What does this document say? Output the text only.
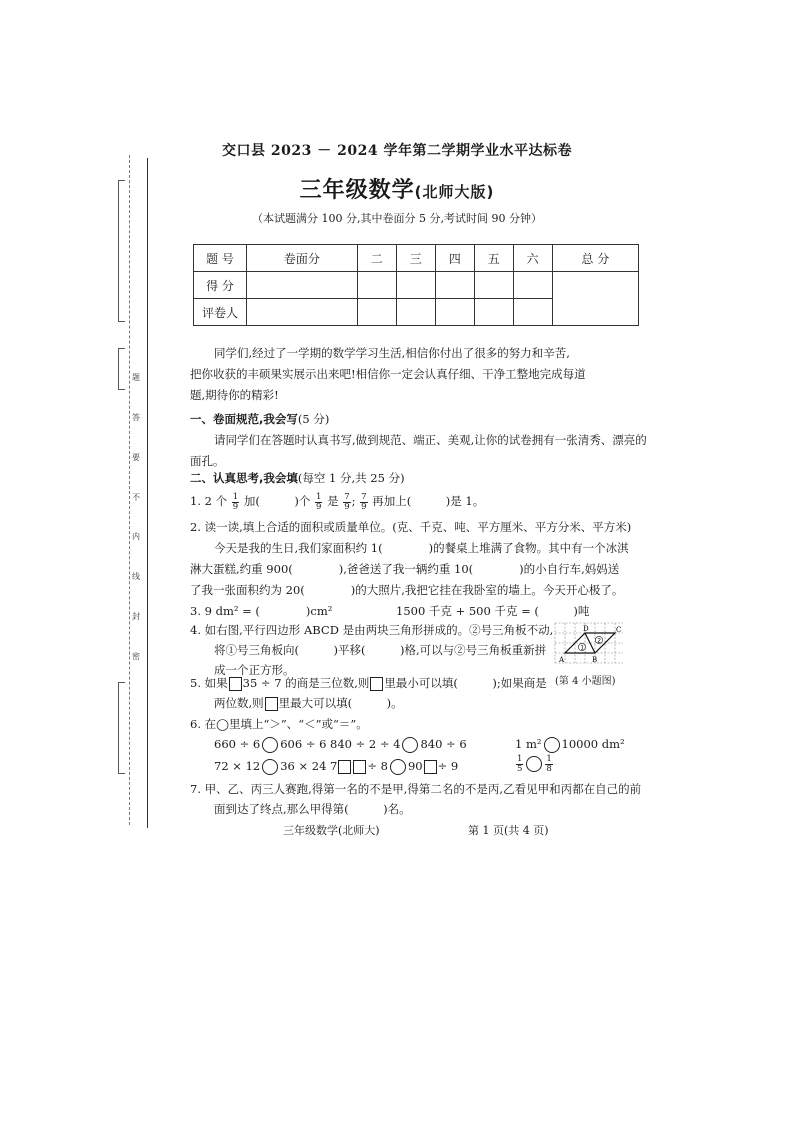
题
答
要
不
内
线
封
密
交口县 2023 － 2024 学年第二学期学业水平达标卷
三年级数学(北师大版)
（本试题满分 100 分,其中卷面分 5 分,考试时间 90 分钟）
题 号	卷面分	二	三	四	五	六	总 分
得 分							
评卷人							
同学们,经过了一学期的数学学习生活,相信你付出了很多的努力和辛苦,
把你收获的丰硕果实展示出来吧!相信你一定会认真仔细、干净工整地完成每道
题,期待你的精彩!
一、卷面规范,我会写(5 分)
请同学们在答题时认真书写,做到规范、端正、美观,让你的试卷拥有一张清秀、漂亮的
面孔。
二、认真思考,我会填(每空 1 分,共 25 分)
1. 2 个 $\frac{1}{9}$ 加(　　　)个 $\frac{1}{9}$ 是 $\frac{7}{9}$ ; $\frac{7}{9}$ 再加上(　　　)是 1。
2. 读一读,填上合适的面积或质量单位。(克、千克、吨、平方厘米、平方分米、平方米)
今天是我的生日,我们家面积约 1(　　　　)的餐桌上堆满了食物。其中有一个冰淇
淋大蛋糕,约重 900(　　　　),爸爸送了我一辆约重 10(　　　　)的小自行车,妈妈送
了我一张面积约为 20(　　　　)的大照片,我把它挂在我卧室的墙上。今天开心极了。
3. 9 dm² = (　　　　)cm²	1500 千克 + 500 千克 = (　　　)吨
4. 如右图,平行四边形 ABCD 是由两块三角形拼成的。②号三角板不动,
将①号三角板向(　　　)平移(　　　)格,可以与②号三角板重新拼
成一个正方形。
A	B
C
D
1
2
(第 4 小题图)
5. 如果 35 ÷ 7 的商是三位数,则 里最小可以填(　　　);如果商是
两位数,则 里最大可以填(　　　)。
6. 在◯里填上“＞”、“＜”或“＝”。
660 ÷ 6 606 ÷ 6 840 ÷ 2 ÷ 4 840 ÷ 6	1 m² 10000 dm²
72 × 12 36 × 24 7	÷ 8 90 ÷ 9	$\frac{1}{5}$	$\frac{1}{8}$
7. 甲、乙、丙三人赛跑,得第一名的不是甲,得第二名的不是丙,乙看见甲和丙都在自己的前
面到达了终点,那么甲得第(　　　)名。
三年级数学(北师大)	第 1 页(共 4 页)
